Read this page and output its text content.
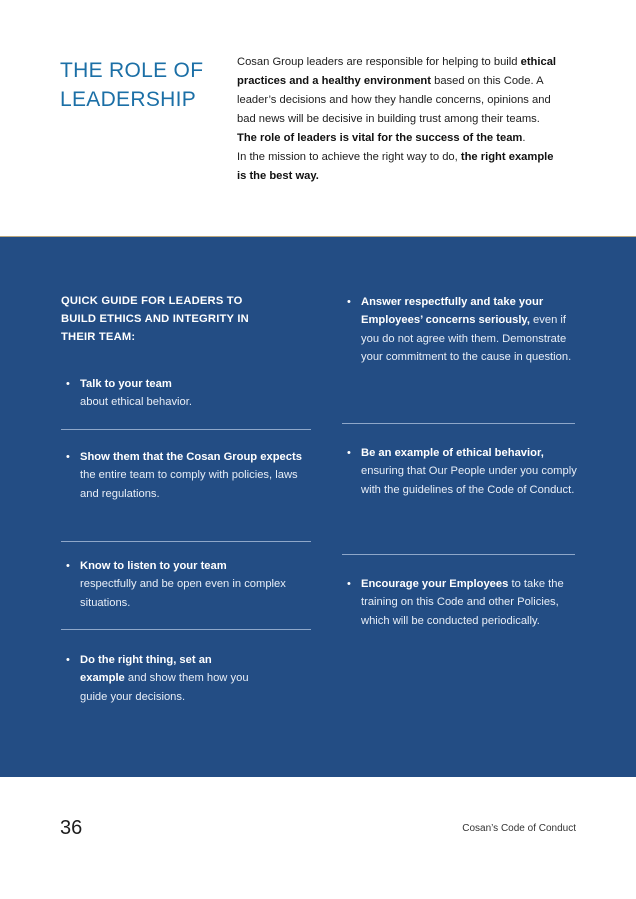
THE ROLE OF
LEADERSHIP

Cosan Group leaders are responsible for helping to build ethical practices and a healthy environment based on this Code. A leader’s decisions and how they handle concerns, opinions and bad news will be decisive in building trust among their teams.

The role of leaders is vital for the success of the team.

In the mission to achieve the right way to do, the right example is the best way.

QUICK GUIDE FOR LEADERS TO BUILD ETHICS AND INTEGRITY IN THEIR TEAM:
• Talk to your team
about ethical behavior.
• Show them that the Cosan Group expects the entire team to comply with policies, laws and regulations.
• Know to listen to your team
respectfully and be open even in complex situations.
• Do the right thing, set an example and show them how you guide your decisions.
• Answer respectfully and take your Employees’ concerns seriously, even if you do not agree with them. Demonstrate your commitment to the cause in question.
• Be an example of ethical behavior, ensuring that Our People under you comply with the guidelines of the Code of Conduct.
• Encourage your Employees to take the training on this Code and other Policies, which will be conducted periodically.
36	Cosan’s Code of Conduct
